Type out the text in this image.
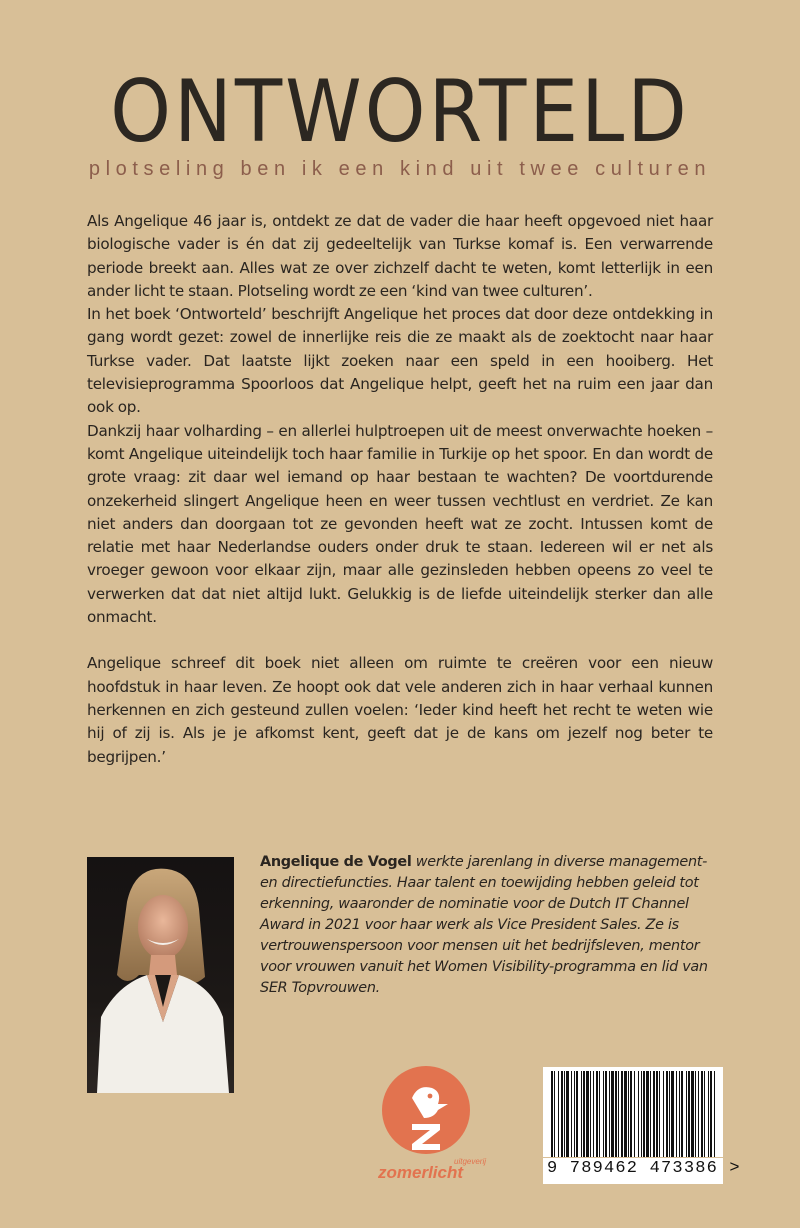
ONTWORTELD
plotseling ben ik een kind uit twee culturen

Als Angelique 46 jaar is, ontdekt ze dat de vader die haar heeft opgevoed niet haar biologische vader is én dat zij gedeeltelijk van Turkse komaf is. Een verwarrende periode breekt aan. Alles wat ze over zichzelf dacht te weten, komt letterlijk in een ander licht te staan. Plotseling wordt ze een ‘kind van twee culturen’.

In het boek ‘Ontworteld’ beschrijft Angelique het proces dat door deze ontdekking in gang wordt gezet: zowel de innerlijke reis die ze maakt als de zoektocht naar haar Turkse vader. Dat laatste lijkt zoeken naar een speld in een hooiberg. Het televisieprogramma Spoorloos dat Angelique helpt, geeft het na ruim een jaar dan ook op.

Dankzij haar volharding – en allerlei hulptroepen uit de meest onverwachte hoeken – komt Angelique uiteindelijk toch haar familie in Turkije op het spoor. En dan wordt de grote vraag: zit daar wel iemand op haar bestaan te wachten? De voortdurende onzekerheid slingert Angelique heen en weer tussen vechtlust en verdriet. Ze kan niet anders dan doorgaan tot ze gevonden heeft wat ze zocht. Intussen komt de relatie met haar Nederlandse ouders onder druk te staan. Iedereen wil er net als vroeger gewoon voor elkaar zijn, maar alle gezinsleden hebben opeens zo veel te verwerken dat dat niet altijd lukt. Gelukkig is de liefde uiteindelijk sterker dan alle onmacht.

Angelique schreef dit boek niet alleen om ruimte te creëren voor een nieuw hoofdstuk in haar leven. Ze hoopt ook dat vele anderen zich in haar verhaal kunnen herkennen en zich gesteund zullen voelen: ‘Ieder kind heeft het recht te weten wie hij of zij is. Als je je afkomst kent, geeft dat je de kans om jezelf nog beter te begrijpen.’

Angelique de Vogel werkte jarenlang in diverse management- en directiefuncties. Haar talent en toewijding hebben geleid tot erkenning, waaronder de nominatie voor de Dutch IT Channel Award in 2021 voor haar werk als Vice President Sales. Ze is vertrouwenspersoon voor mensen uit het bedrijfsleven, mentor voor vrouwen vanuit het Women Visibility-programma en lid van SER Topvrouwen.
zomerlicht
uitgeverij	9 789462 473386 >
